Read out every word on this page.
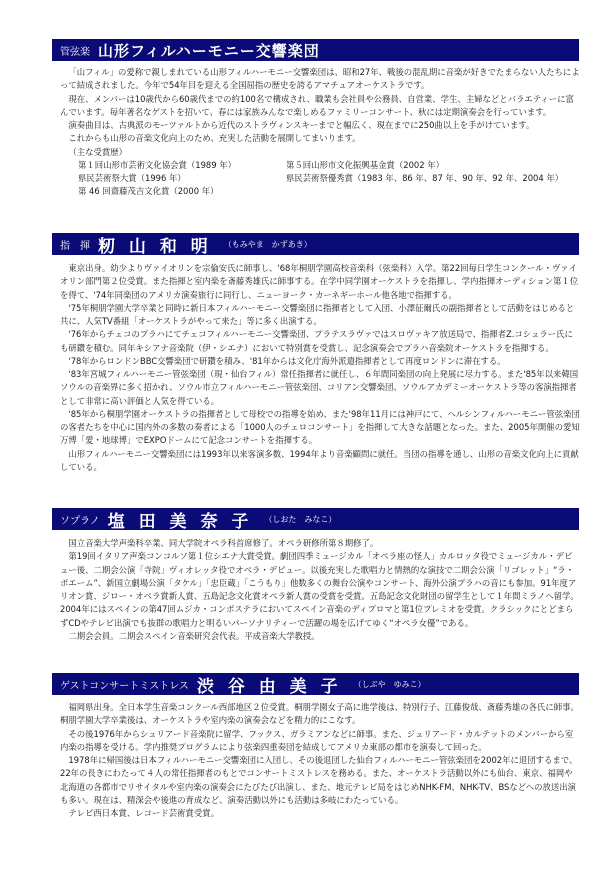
管弦楽 山形フィルハーモニー交響楽団

「山フィル」の愛称で親しまれている山形フィルハーモニー交響楽団は、昭和27年、戦後の混乱期に音楽が好きでたまらない人たちによって結成されました。今年で54年目を迎える全国屈指の歴史を誇るアマチュアオーケストラです。

現在、メンバーは10歳代から60歳代までの約100名で構成され、職業も会社員や公務員、自営業、学生、主婦などとバラエティーに富んでいます。毎年著名なゲストを招いて、春には家族みんなで楽しめるファミリーコンサート、秋には定期演奏会を行っています。

演奏曲目は、古典派のモーツァルトから近代のストラヴィンスキーまでと幅広く、現在までに250曲以上を手がけています。

これからも山形の音楽文化向上のため、充実した活動を展開してまいります。

（主な受賞歴）

第１回山形市芸術文化協会賞（1989 年）	第５回山形市文化振興基金賞（2002 年）
県民芸術祭大賞（1996 年）	県民芸術祭優秀賞（1983 年、86 年、87 年、90 年、92 年、2004 年）
第 46 回齋藤茂吉文化賞（2000 年）
指　揮 籾 山 和 明 （もみやま　かずあき）

東京出身。幼少よりヴァイオリンを宗倫安氏に師事し、'68年桐朋学園高校音楽科（弦楽科）入学。第22回毎日学生コンクール・ヴァイオリン部門第２位受賞。また指揮と室内楽を斎藤秀雄氏に師事する。在学中同学園オーケストラを指揮し、学内指揮オーディション第１位を得て、'74年同楽団のアメリカ演奏旅行に同行し、ニューヨーク・カーネギーホール他各地で指揮する。

'75年桐朋学園大学卒業と同時に新日本フィルハーモニー交響楽団に指揮者として入団、小澤征爾氏の副指揮者として活動をはじめると共に、人気TV番組「オーケストラがやって来た」等に多く出演する。

'76年からチェコのプラハにてチェコフィルハーモニー交響楽団、プラテスラヴァではスロヴァキア放送局で、指揮者Z.コシュラー氏にも研鑽を積む。同年キシアナ音楽院（伊・シエナ）において特別賞を受賞し、記念演奏会でプラハ音楽院オーケストラを指揮する。

'78年からロンドンBBC交響楽団で研鑽を積み、'81年からは文化庁海外派遣指揮者として再度ロンドンに滞在する。

'83年宮城フィルハーモニー管弦楽団（現・仙台フィル）常任指揮者に就任し、６年間同楽団の向上発展に尽力する。また'85年以来韓国ソウルの音楽界に多く招かれ、ソウル市立フィルハーモニー管弦楽団、コリアン交響楽団、ソウルアカデミーオーケストラ等の客演指揮者として非常に高い評価と人気を得ている。

'85年から桐朋学園オーケストラの指揮者として母校での指導を始め、また'98年11月には神戸にて、ヘルシンフィルハーモニー管弦楽団の客者たちを中心に国内外の多数の奏者による「1000人のチェロコンサート」を指揮して大きな話題となった。また、2005年開催の愛知万博「愛・地球博」でEXPOドームにて記念コンサートを指揮する。

山形フィルハーモニー交響楽団には1993年以来客演多数、1994年より音楽顧問に就任。当団の指導を通し、山形の音楽文化向上に貢献している。

ソプラノ 塩 田 美 奈 子 （しおた　みなこ）

国立音楽大学声楽科卒業、同大学院オペラ科首席修了。オペラ研修所第８期修了。

第19回イタリア声楽コンコルソ第１位シエナ大賞受賞。劇団四季ミュージカル「オペラ座の怪人」カルロッタ役でミュージカル・デビュー後、二期会公演「寺院」ヴィオレッタ役でオペラ・デビュー。以後充実した歌唱力と情熱的な演技で二期会公演「リゴレット」“ラ・ボエーム”、新国立劇場公演「タケル」「忠臣蔵」「こうもり」他数多くの舞台公演やコンサート、海外公演プラハの音にも参加。91年度アリオン賞、ジロー・オペラ賞新人賞、五島記念文化賞オペラ新人賞の受賞を受賞。五島記念文化財団の留学生として１年間ミラノへ留学。2004年にはスペインの第47回ムジカ・コンポステラにおいてスペイン音楽のディプロマと第1位プレミオを受賞。クラシックにとどまらずCDやテレビ出演でも抜群の歌唱力と明るいパーソナリティーで活躍の場を広げてゆく“オペラ女優”である。

二期会会員。二期会スペイン音楽研究会代表。平成音楽大学教授。

ゲストコンサートミストレス 渋 谷 由 美 子 （しぶや　ゆみこ）

福岡県出身。全日本学生音楽コンクール西部地区２位受賞。桐朋学園女子高に進学後は、特別行子、江藤俊哉、斎藤秀雄の各氏に師事。桐朋学園大学卒業後は、オーケストラや室内楽の演奏会などを精力的にこなす。

その後1976年からシュリアード音楽院に留学、フックス、ガラミアンなどに師事。また、ジュリアード・カルテットのメンバーから室内楽の指導を受ける。学内推奨プログラムにより弦楽四重奏団を結成してアメリカ東部の都市を演奏して回った。

1978年に帰国後は日本フィルハーモニー交響楽団に入団し、その後退団した仙台フィルハーモニー管弦楽団を2002年に退団するまで、22年の長きにわたって４人の常任指揮者のもとでコンサートミストレスを務める。また、オーケストラ活動以外にも仙台、東京、福岡や北海道の各都市でリサイタルや室内楽の演奏会にたびたび出演し、また、地元テレビ局をはじめNHK-FM、NHK-TV、BSなどへの放送出演も多い。現在は、精深会や後進の育成など、演奏活動以外にも活動は多岐にわたっている。

テレビ西日本賞、レコード芸術賞受賞。
